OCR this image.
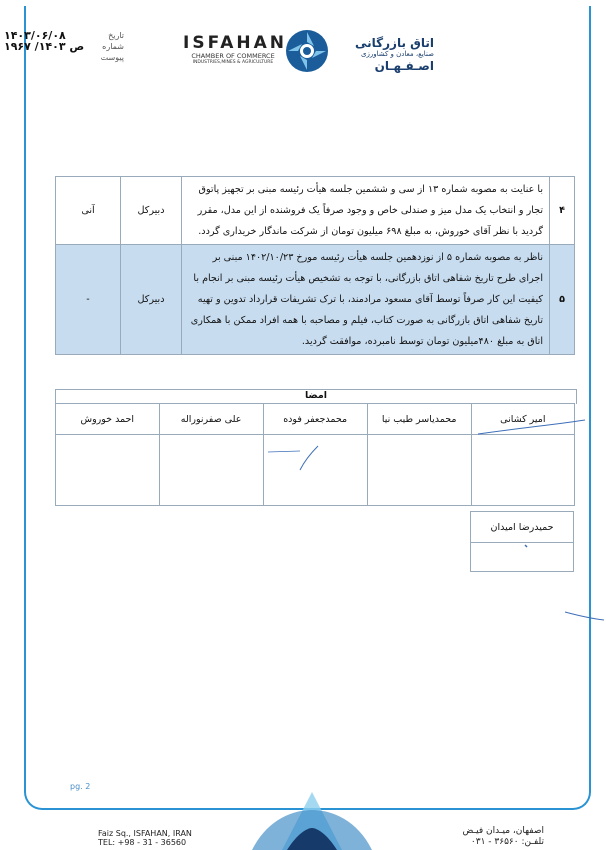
۱۴۰۳/۰۶/۰۸	تاریخ
۱۹۶۷ /ص ۱۴۰۳ شماره
پیوست
ISFAHAN
CHAMBER OF COMMERCE
INDUSTRIES,MINES & AGRICULTURE
اتاق بازرگانی
صنایع، معادن و کشاورزی
اصـفـهـان
۴	با عنایت به مصوبه شماره ۱۳ از سی و ششمین جلسه هیأت رئیسه مبنی بر تجهیز پاتوق تجار و انتخاب یک مدل میز و صندلی خاص و وجود صرفاً یک فروشنده از این مدل، مقرر گردید با نظر آقای خوروش، به مبلغ ۶۹۸ میلیون تومان از شرکت ماندگار خریداری گردد.	دبیرکل	آنی
۵	ناظر به مصوبه شماره ۵ از نوزدهمین جلسه هیأت رئیسه مورخ ۱۴۰۲/۱۰/۲۳ مبنی بر اجرای طرح تاریخ شفاهی اتاق بازرگانی، با توجه به تشخیص هیأت رئیسه مبنی بر انجام با کیفیت این کار صرفاً توسط آقای مسعود مرادمند، با ترک تشریفات قرارداد تدوین و تهیه تاریخ شفاهی اتاق بازرگانی به صورت کتاب، فیلم و مصاحبه با همه افراد ممکن با همکاری اتاق به مبلغ ۴۸۰میلیون تومان توسط نامبرده، موافقت گردید.	دبیرکل	-
امضا
امیر کشانی	محمدیاسر طیب نیا	محمدجعفر فوده	علی صفرنوراله	احمد خوروش

حمیدرضا امیدان

pg. 2
Faiz Sq., ISFAHAN, IRAN
TEL: +98 - 31 - 36560
اصفهان، میـدان فیـض
تلفـن: ۳۶۵۶۰ - ۰۳۱
